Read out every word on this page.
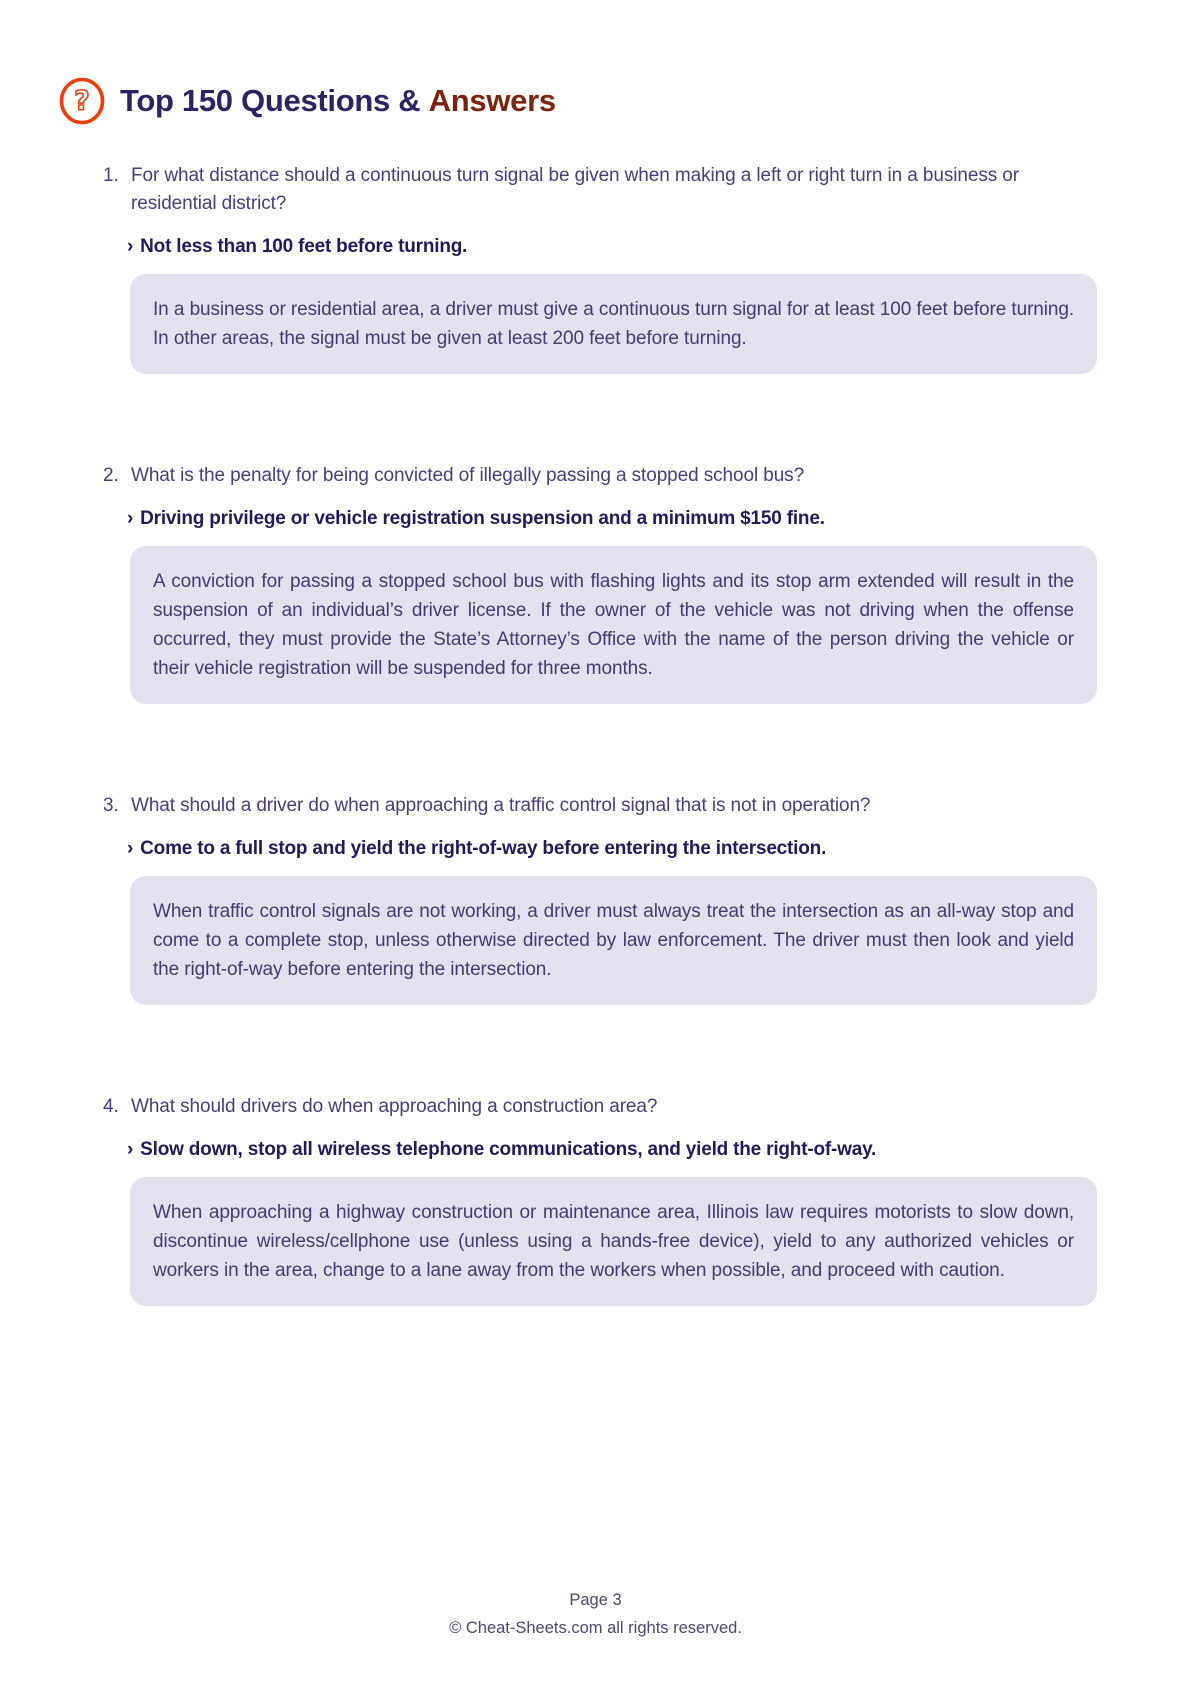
? Top 150 Questions & Answers
1. For what distance should a continuous turn signal be given when making a left or right turn in a business or residential district?
› Not less than 100 feet before turning.
In a business or residential area, a driver must give a continuous turn signal for at least 100 feet before turning. In other areas, the signal must be given at least 200 feet before turning.
2. What is the penalty for being convicted of illegally passing a stopped school bus?
› Driving privilege or vehicle registration suspension and a minimum $150 fine.
A conviction for passing a stopped school bus with flashing lights and its stop arm extended will result in the suspension of an individual’s driver license. If the owner of the vehicle was not driving when the offense occurred, they must provide the State’s Attorney’s Office with the name of the person driving the vehicle or their vehicle registration will be suspended for three months.
3. What should a driver do when approaching a traffic control signal that is not in operation?
› Come to a full stop and yield the right-of-way before entering the intersection.
When traffic control signals are not working, a driver must always treat the intersection as an all-way stop and come to a complete stop, unless otherwise directed by law enforcement. The driver must then look and yield the right-of-way before entering the intersection.
4. What should drivers do when approaching a construction area?
› Slow down, stop all wireless telephone communications, and yield the right-of-way.
When approaching a highway construction or maintenance area, Illinois law requires motorists to slow down, discontinue wireless/cellphone use (unless using a hands-free device), yield to any authorized vehicles or workers in the area, change to a lane away from the workers when possible, and proceed with caution.
Page 3
© Cheat-Sheets.com all rights reserved.
